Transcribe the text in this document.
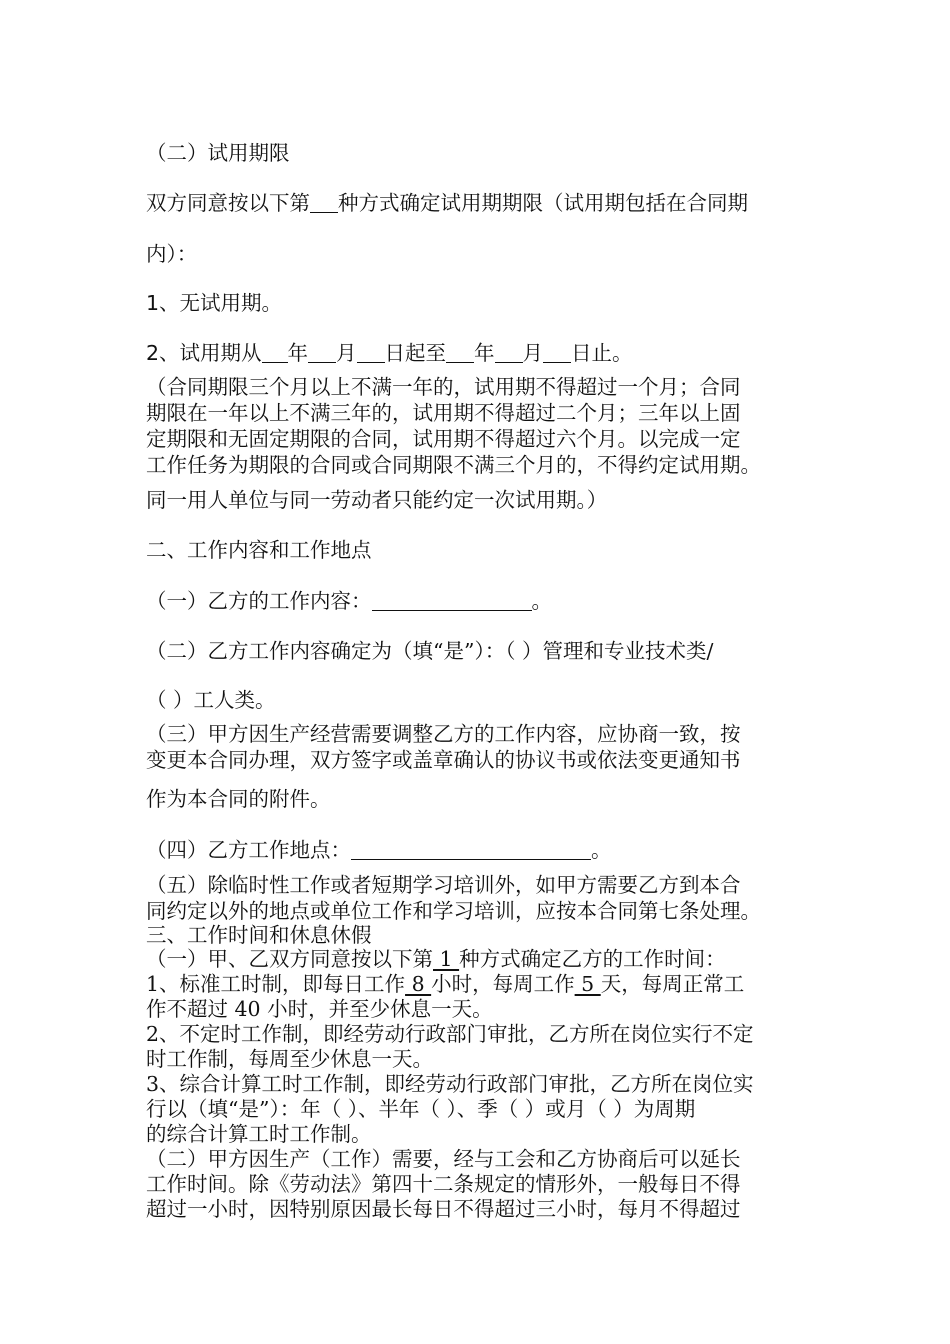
（二）试用期限

双方同意按以下第 种方式确定试用期期限（试用期包括在合同期

内）：

1、无试用期。

2、试用期从 年 月 日起至 年 月 日止。

（合同期限三个月以上不满一年的，试用期不得超过一个月；合同

期限在一年以上不满三年的，试用期不得超过二个月；三年以上固

定期限和无固定期限的合同，试用期不得超过六个月。以完成一定

工作任务为期限的合同或合同期限不满三个月的，不得约定试用期。

同一用人单位与同一劳动者只能约定一次试用期。）

二、工作内容和工作地点

（一）乙方的工作内容：	。

（二）乙方工作内容确定为（填“是”）：（ ）管理和专业技术类/

（ ）工人类。

（三）甲方因生产经营需要调整乙方的工作内容，应协商一致，按

变更本合同办理，双方签字或盖章确认的协议书或依法变更通知书

作为本合同的附件。

（四）乙方工作地点：	。

（五）除临时性工作或者短期学习培训外，如甲方需要乙方到本合

同约定以外的地点或单位工作和学习培训，应按本合同第七条处理。

三、工作时间和休息休假

（一）甲、乙双方同意按以下第 1 种方式确定乙方的工作时间：

1、标准工时制，即每日工作 8 小时，每周工作 5 天，每周正常工

作不超过 40 小时，并至少休息一天。

2、不定时工作制，即经劳动行政部门审批，乙方所在岗位实行不定

时工作制，每周至少休息一天。

3、综合计算工时工作制，即经劳动行政部门审批，乙方所在岗位实

行以（填“是”）：年（ ）、半年（ ）、季（ ）或月（ ）为周期

的综合计算工时工作制。

（二）甲方因生产（工作）需要，经与工会和乙方协商后可以延长

工作时间。除《劳动法》第四十二条规定的情形外，一般每日不得

超过一小时，因特别原因最长每日不得超过三小时，每月不得超过
